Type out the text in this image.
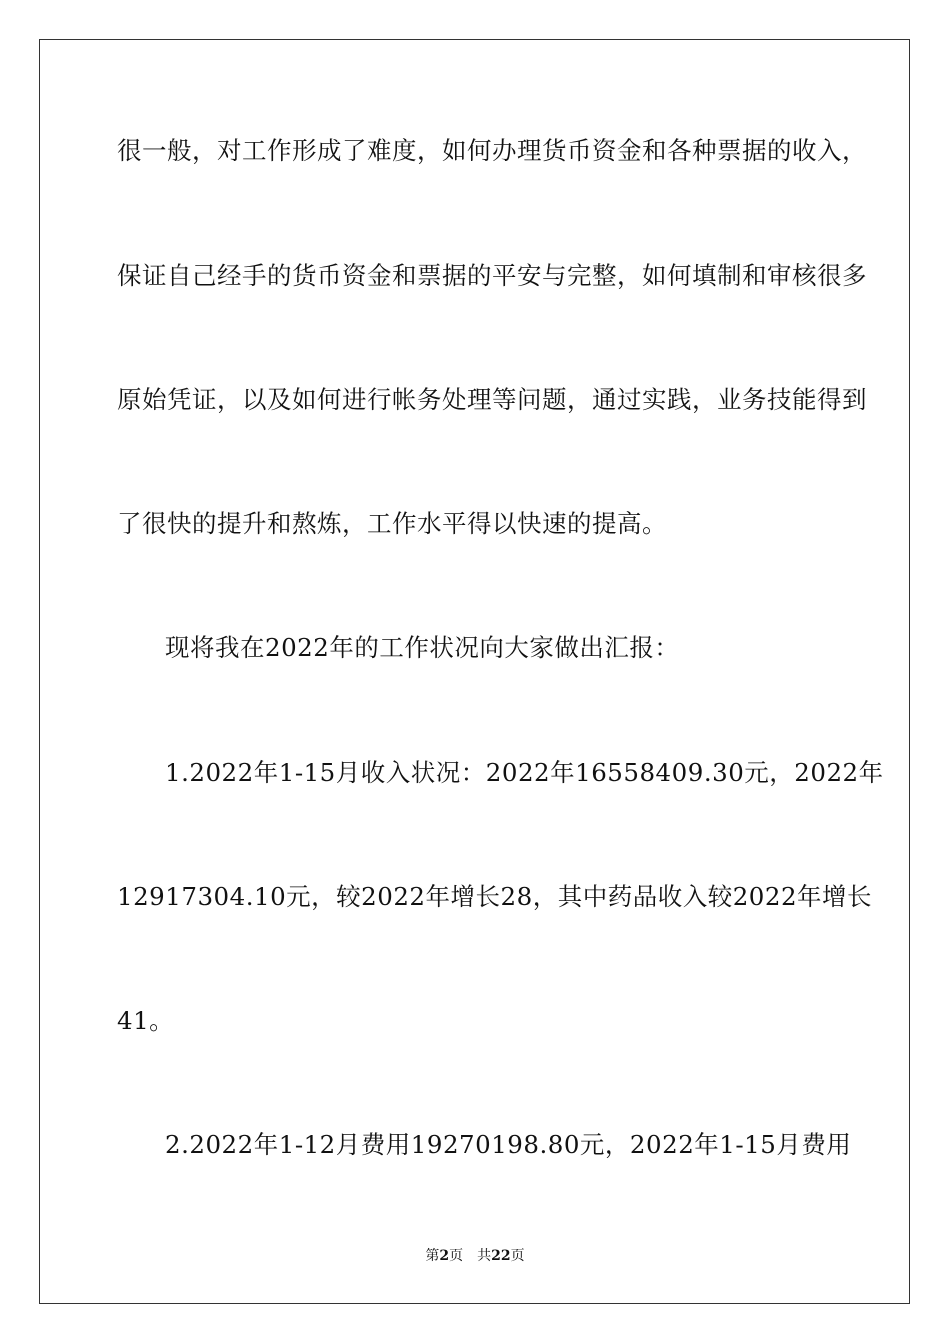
很一般，对工作形成了难度，如何办理货币资金和各种票据的收入，
保证自己经手的货币资金和票据的平安与完整，如何填制和审核很多
原始凭证，以及如何进行帐务处理等问题，通过实践，业务技能得到
了很快的提升和熬炼，工作水平得以快速的提高。
现将我在2022年的工作状况向大家做出汇报：
1.2022年1-15月收入状况：2022年16558409.30元，2022年
12917304.10元，较2022年增长28，其中药品收入较2022年增长
41。
2.2022年1-12月费用19270198.80元，2022年1-15月费用
第2页　共22页
